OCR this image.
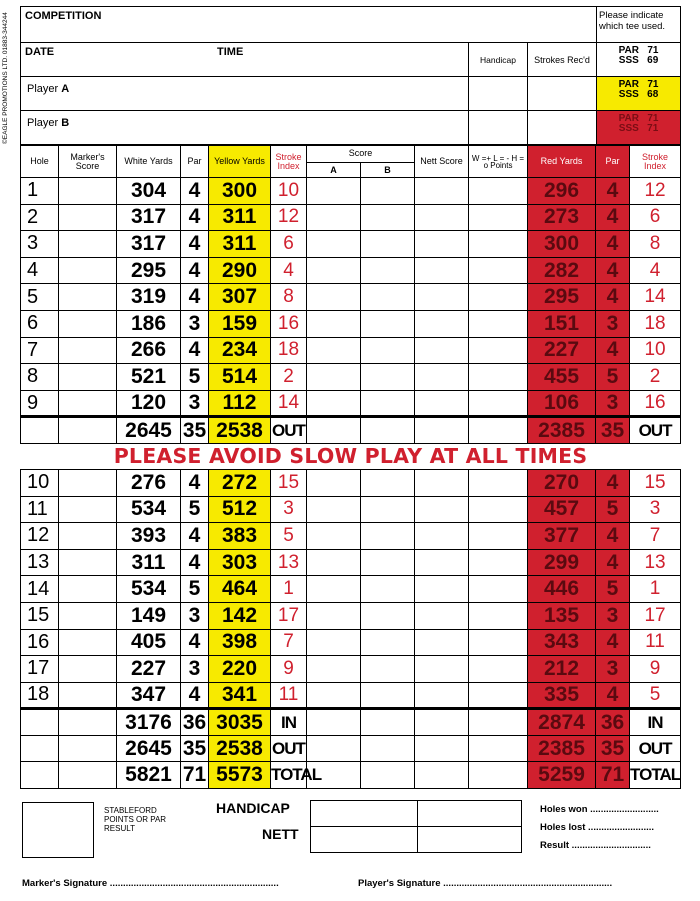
©EAGLE PROMOTIONS LTD. 01883-344244	COMPETITION			Please indicate which tee used.

DATE TIME	Handicap	Strokes Rec'd	PAR 71
SSS 69
Player A			PAR 71
SSS 68
Player B			PAR 71
SSS 71
Hole	Marker's Score	White Yards	Par	Yellow Yards	Stroke Index	Score		Nett Score	W =+ L = - H = o Points	Red Yards	Par	Stroke Index
						A	B					
1		304	4	300	10					296	4	12
2		317	4	311	12					273	4	6
3		317	4	311	6					300	4	8
4		295	4	290	4					282	4	4
5		319	4	307	8					295	4	14
6		186	3	159	16					151	3	18
7		266	4	234	18					227	4	10
8		521	5	514	2					455	5	2
9		120	3	112	14					106	3	16
		2645	35	2538	OUT					2385	35	OUT
PLEASE AVOID SLOW PLAY AT ALL TIMES												
10		276	4	272	15					270	4	15
11		534	5	512	3					457	5	3
12		393	4	383	5					377	4	7
13		311	4	303	13					299	4	13
14		534	5	464	1					446	5	1
15		149	3	142	17					135	3	17
16		405	4	398	7					343	4	11
17		227	3	220	9					212	3	9
18		347	4	341	11					335	4	5
		3176	36	3035	IN					2874	36	IN
		2645	35	2538	OUT					2385	35	OUT
		5821	71	5573	TOTAL					5259	71	TOTAL
STABLEFORD POINTS OR PAR RESULT
HANDICAP
NETT

Holes won ..........................
Holes lost .........................
Result ..............................
Marker's Signature ................................................................	Player's Signature ................................................................
